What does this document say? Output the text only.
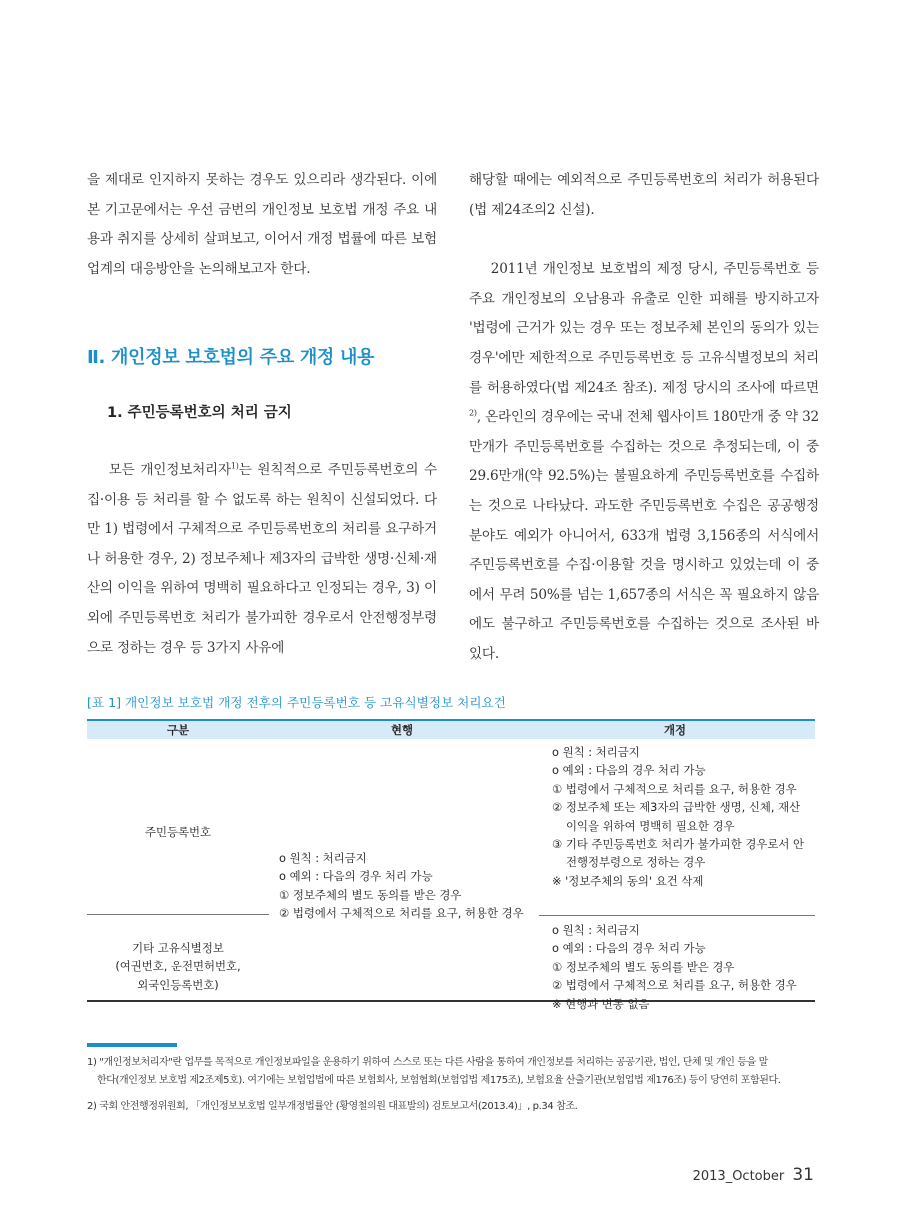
을 제대로 인지하지 못하는 경우도 있으리라 생각된다. 이에 본 기고문에서는 우선 금번의 개인정보 보호법 개정 주요 내용과 취지를 상세히 살펴보고, 이어서 개정 법률에 따른 보험업계의 대응방안을 논의해보고자 한다.

Ⅱ. 개인정보 보호법의 주요 개정 내용
1. 주민등록번호의 처리 금지

모든 개인정보처리자$^{1)}$는 원칙적으로 주민등록번호의 수집·이용 등 처리를 할 수 없도록 하는 원칙이 신설되었다. 다만 1) 법령에서 구체적으로 주민등록번호의 처리를 요구하거나 허용한 경우, 2) 정보주체나 제3자의 급박한 생명·신체·재산의 이익을 위하여 명백히 필요하다고 인정되는 경우, 3) 이 외에 주민등록번호 처리가 불가피한 경우로서 안전행정부령으로 정하는 경우 등 3가지 사유에

해당할 때에는 예외적으로 주민등록번호의 처리가 허용된다(법 제24조의2 신설).

2011년 개인정보 보호법의 제정 당시, 주민등록번호 등 주요 개인정보의 오남용과 유출로 인한 피해를 방지하고자 '법령에 근거가 있는 경우 또는 정보주체 본인의 동의가 있는 경우'에만 제한적으로 주민등록번호 등 고유식별정보의 처리를 허용하였다(법 제24조 참조). 제정 당시의 조사에 따르면$^{2)}$, 온라인의 경우에는 국내 전체 웹사이트 180만개 중 약 32만개가 주민등록번호를 수집하는 것으로 추정되는데, 이 중 29.6만개(약 92.5%)는 불필요하게 주민등록번호를 수집하는 것으로 나타났다. 과도한 주민등록번호 수집은 공공행정 분야도 예외가 아니어서, 633개 법령 3,156종의 서식에서 주민등록번호를 수집·이용할 것을 명시하고 있었는데 이 중에서 무려 50%를 넘는 1,657종의 서식은 꼭 필요하지 않음에도 불구하고 주민등록번호를 수집하는 것으로 조사된 바 있다.

[표 1] 개인정보 보호법 개정 전후의 주민등록번호 등 고유식별정보 처리요건
구분	현행	개정
주민등록번호
기타 고유식별정보
(여권번호, 운전면허번호,
외국인등록번호)
o 원칙 : 처리금지
o 예외 : 다음의 경우 처리 가능
① 정보주체의 별도 동의를 받은 경우
② 법령에서 구체적으로 처리를 요구, 허용한 경우
o 원칙 : 처리금지
o 예외 : 다음의 경우 처리 가능
① 법령에서 구체적으로 처리를 요구, 허용한 경우
② 정보주체 또는 제3자의 급박한 생명, 신체, 재산
이익을 위하여 명백히 필요한 경우
③ 기타 주민등록번호 처리가 불가피한 경우로서 안
전행정부령으로 정하는 경우
※ '정보주체의 동의' 요건 삭제
o 원칙 : 처리금지
o 예외 : 다음의 경우 처리 가능
① 정보주체의 별도 동의를 받은 경우
② 법령에서 구체적으로 처리를 요구, 허용한 경우
※ 현행과 변동 없음

1) "개인정보처리자"란 업무를 목적으로 개인정보파일을 운용하기 위하여 스스로 또는 다른 사람을 통하여 개인정보를 처리하는 공공기관, 법인, 단체 및 개인 등을 말
한다(개인정보 보호법 제2조제5호). 여기에는 보험업법에 따른 보험회사, 보험협회(보험업법 제175조), 보험요율 산출기관(보험업법 제176조) 등이 당연히 포함된다.

2) 국회 안전행정위원회, 「개인정보보호법 일부개정법률안 (황영철의원 대표발의) 검토보고서(2013.4)」, p.34 참조.

2013_October 31
